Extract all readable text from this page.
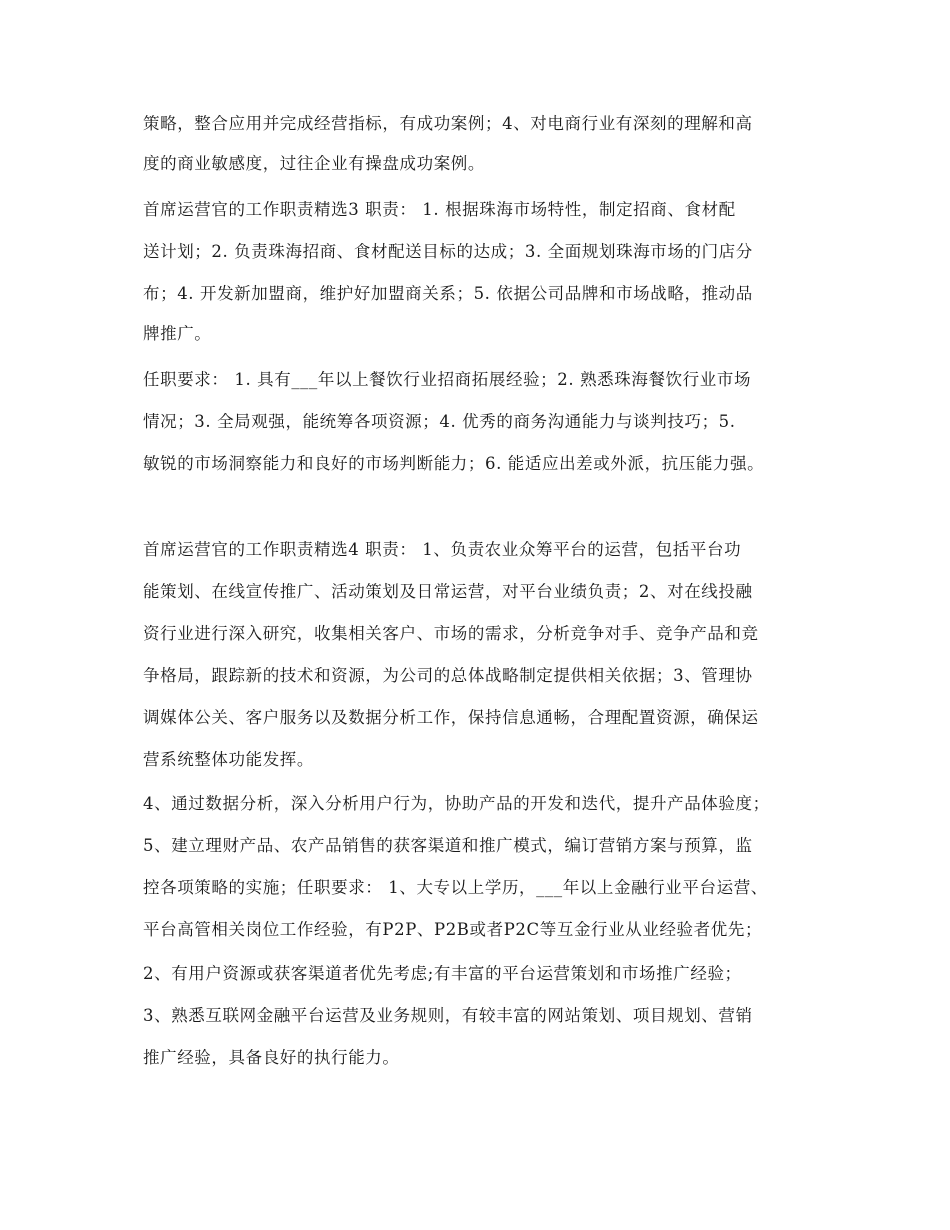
策略，整合应用并完成经营指标，有成功案例；4、对电商行业有深刻的理解和高

度的商业敏感度，过往企业有操盘成功案例。

首席运营官的工作职责精选3 职责： 1. 根据珠海市场特性，制定招商、食材配

送计划；2. 负责珠海招商、食材配送目标的达成；3. 全面规划珠海市场的门店分

布；4. 开发新加盟商，维护好加盟商关系；5. 依据公司品牌和市场战略，推动品

牌推广。

任职要求： 1. 具有___年以上餐饮行业招商拓展经验；2. 熟悉珠海餐饮行业市场

情况；3. 全局观强，能统筹各项资源；4. 优秀的商务沟通能力与谈判技巧；5.

敏锐的市场洞察能力和良好的市场判断能力；6. 能适应出差或外派，抗压能力强。

首席运营官的工作职责精选4 职责： 1、负责农业众筹平台的运营，包括平台功

能策划、在线宣传推广、活动策划及日常运营，对平台业绩负责；2、对在线投融

资行业进行深入研究，收集相关客户、市场的需求，分析竞争对手、竞争产品和竞

争格局，跟踪新的技术和资源，为公司的总体战略制定提供相关依据；3、管理协

调媒体公关、客户服务以及数据分析工作，保持信息通畅，合理配置资源，确保运

营系统整体功能发挥。

4、通过数据分析，深入分析用户行为，协助产品的开发和迭代，提升产品体验度；

5、建立理财产品、农产品销售的获客渠道和推广模式，编订营销方案与预算，监

控各项策略的实施；任职要求： 1、大专以上学历，___年以上金融行业平台运营、

平台高管相关岗位工作经验，有P2P、P2B或者P2C等互金行业从业经验者优先；

2、有用户资源或获客渠道者优先考虑;有丰富的平台运营策划和市场推广经验；

3、熟悉互联网金融平台运营及业务规则，有较丰富的网站策划、项目规划、营销

推广经验，具备良好的执行能力。
